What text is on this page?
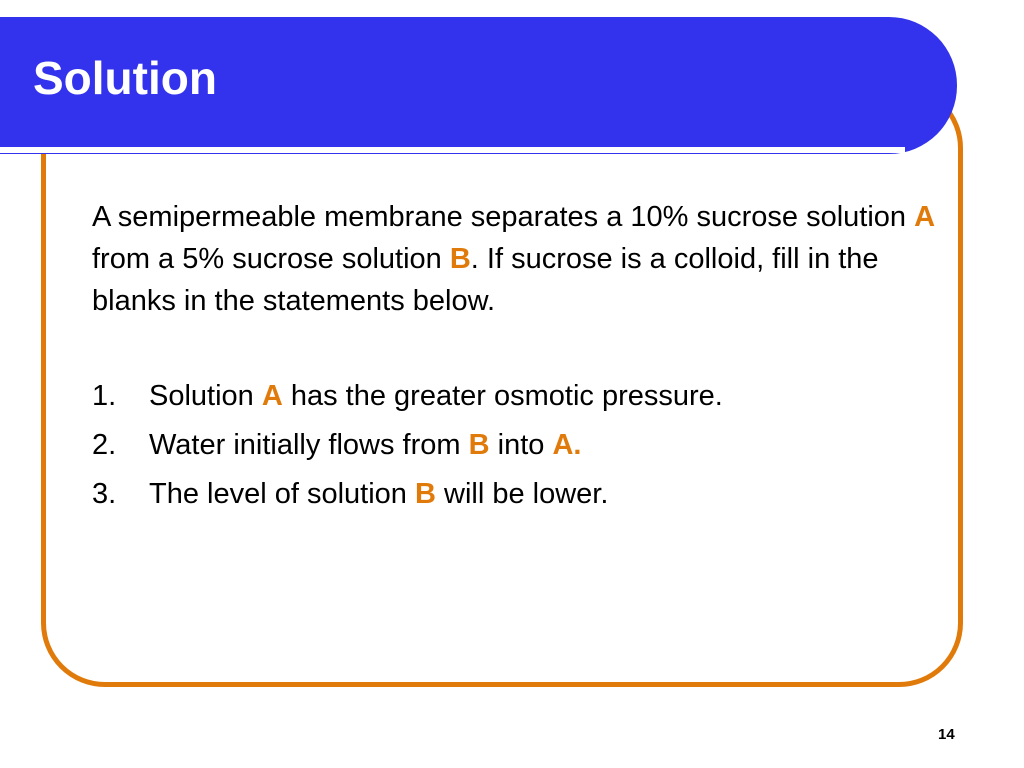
Solution

A semipermeable membrane separates a 10% sucrose solution A from a 5% sucrose solution B. If sucrose is a colloid, fill in the blanks in the statements below.

1. Solution A has the greater osmotic pressure.
2. Water initially flows from B into A.
3. The level of solution B will be lower.
14
